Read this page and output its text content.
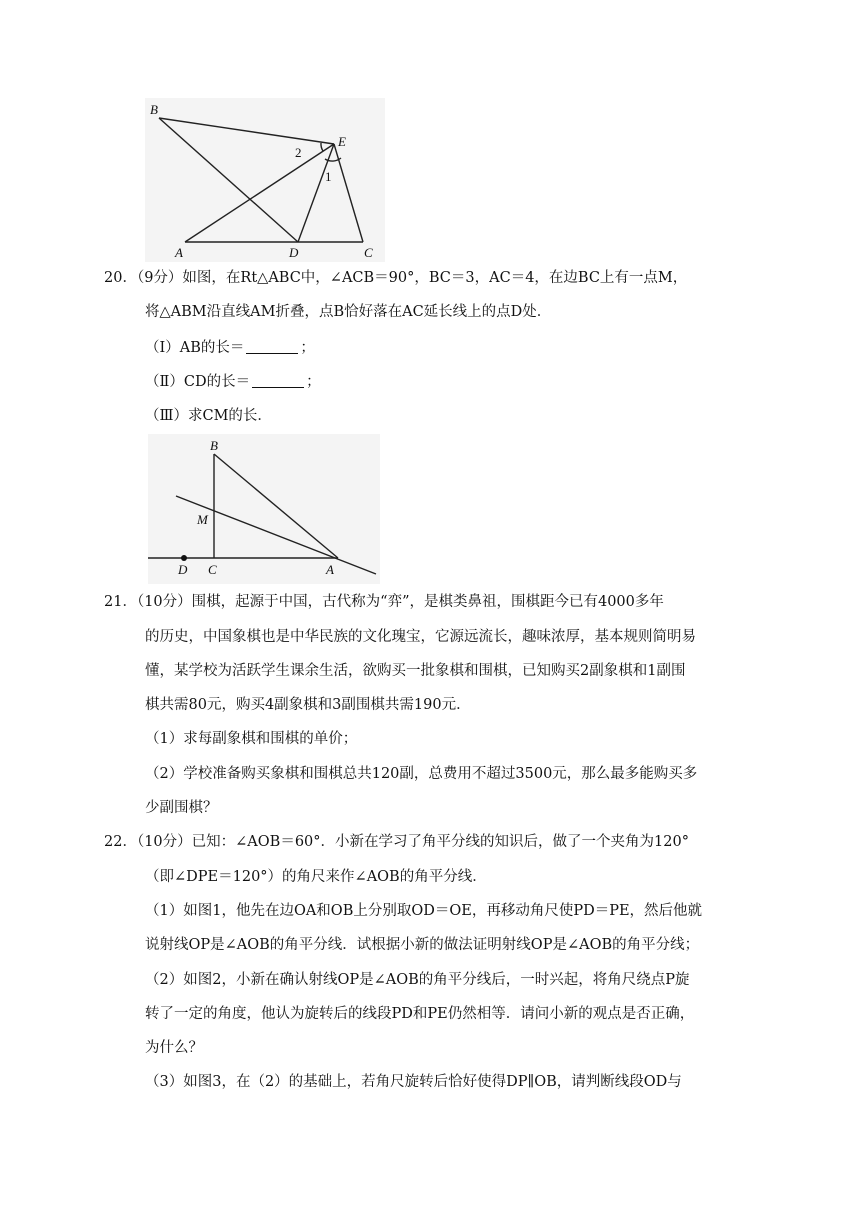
B
E
A	D	C
2
1
20．（9分）如图，在Rt△ABC中，∠ACB＝90°，BC＝3，AC＝4，在边BC上有一点M，
将△ABM沿直线AM折叠，点B恰好落在AC延长线上的点D处．
（Ⅰ）AB的长＝	；
（Ⅱ）CD的长＝	；
（Ⅲ）求CM的长．
B
M
D C	A
21．（10分）围棋，起源于中国，古代称为“弈”，是棋类鼻祖，围棋距今已有4000多年
的历史，中国象棋也是中华民族的文化瑰宝，它源远流长，趣味浓厚，基本规则简明易
懂，某学校为活跃学生课余生活，欲购买一批象棋和围棋，已知购买2副象棋和1副围
棋共需80元，购买4副象棋和3副围棋共需190元．
（1）求每副象棋和围棋的单价；
（2）学校准备购买象棋和围棋总共120副，总费用不超过3500元，那么最多能购买多
少副围棋？
22．（10分）已知：∠AOB＝60°．小新在学习了角平分线的知识后，做了一个夹角为120°
（即∠DPE＝120°）的角尺来作∠AOB的角平分线．
（1）如图1，他先在边OA和OB上分别取OD＝OE，再移动角尺使PD＝PE，然后他就
说射线OP是∠AOB的角平分线．试根据小新的做法证明射线OP是∠AOB的角平分线；
（2）如图2，小新在确认射线OP是∠AOB的角平分线后，一时兴起，将角尺绕点P旋
转了一定的角度，他认为旋转后的线段PD和PE仍然相等．请问小新的观点是否正确，
为什么？
（3）如图3，在（2）的基础上，若角尺旋转后恰好使得DP∥OB，请判断线段OD与
